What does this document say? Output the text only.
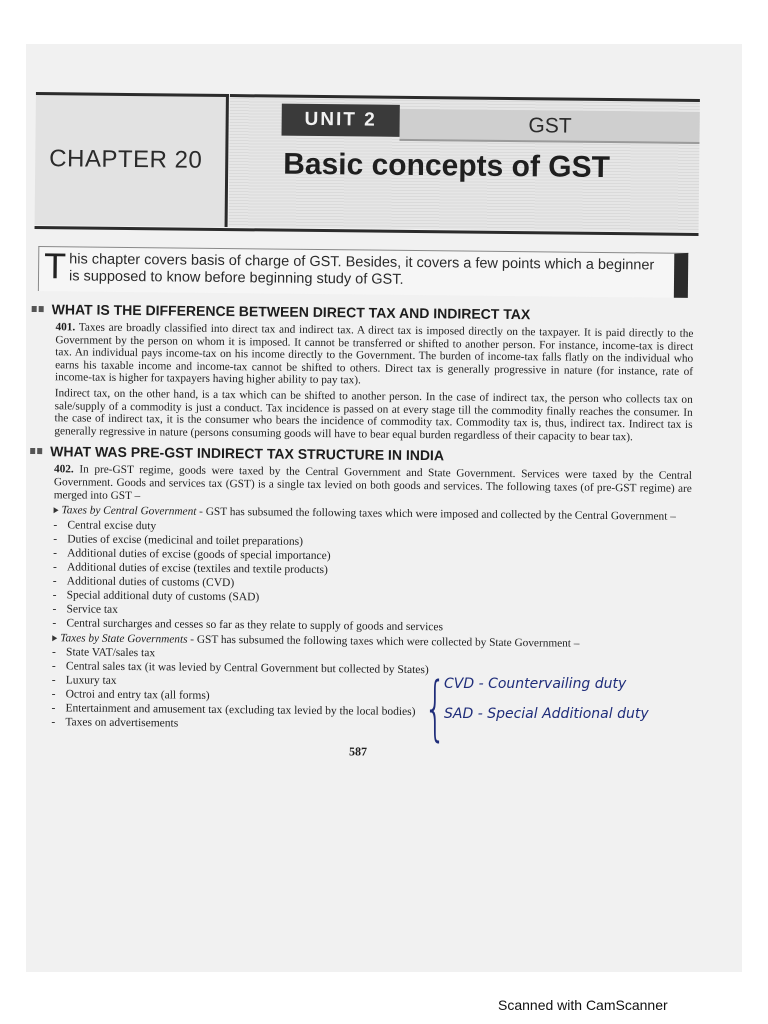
CHAPTER 20
UNIT 2	GST
Basic concepts of GST
T his chapter covers basis of charge of GST. Besides, it covers a few points which a beginner is supposed to know before beginning study of GST.
WHAT IS THE DIFFERENCE BETWEEN DIRECT TAX AND INDIRECT TAX

401. Taxes are broadly classified into direct tax and indirect tax. A direct tax is imposed directly on the taxpayer. It is paid directly to the Government by the person on whom it is imposed. It cannot be transferred or shifted to another person. For instance, income-tax is direct tax. An individual pays income-tax on his income directly to the Government. The burden of income-tax falls flatly on the individual who earns his taxable income and income-tax cannot be shifted to others. Direct tax is generally progressive in nature (for instance, rate of income-tax is higher for taxpayers having higher ability to pay tax).

Indirect tax, on the other hand, is a tax which can be shifted to another person. In the case of indirect tax, the person who collects tax on sale/supply of a commodity is just a conduct. Tax incidence is passed on at every stage till the commodity finally reaches the consumer. In the case of indirect tax, it is the consumer who bears the incidence of commodity tax. Commodity tax is, thus, indirect tax. Indirect tax is generally regressive in nature (persons consuming goods will have to bear equal burden regardless of their capacity to bear tax).

WHAT WAS PRE-GST INDIRECT TAX STRUCTURE IN INDIA

402. In pre-GST regime, goods were taxed by the Central Government and State Government. Services were taxed by the Central Government. Goods and services tax (GST) is a single tax levied on both goods and services. The following taxes (of pre-GST regime) are merged into GST –

Taxes by Central Government - GST has subsumed the following taxes which were imposed and collected by the Central Government –

- Central excise duty
- Duties of excise (medicinal and toilet preparations)
- Additional duties of excise (goods of special importance)
- Additional duties of excise (textiles and textile products)
- Additional duties of customs (CVD)
- Special additional duty of customs (SAD)
- Service tax
- Central surcharges and cesses so far as they relate to supply of goods and services

Taxes by State Governments - GST has subsumed the following taxes which were collected by State Government –

- State VAT/sales tax
- Central sales tax (it was levied by Central Government but collected by States)
- Luxury tax
- Octroi and entry tax (all forms)
- Entertainment and amusement tax (excluding tax levied by the local bodies)
- Taxes on advertisements
587
{
CVD - Countervailing duty
SAD - Special Additional duty
Scanned with CamScanner
